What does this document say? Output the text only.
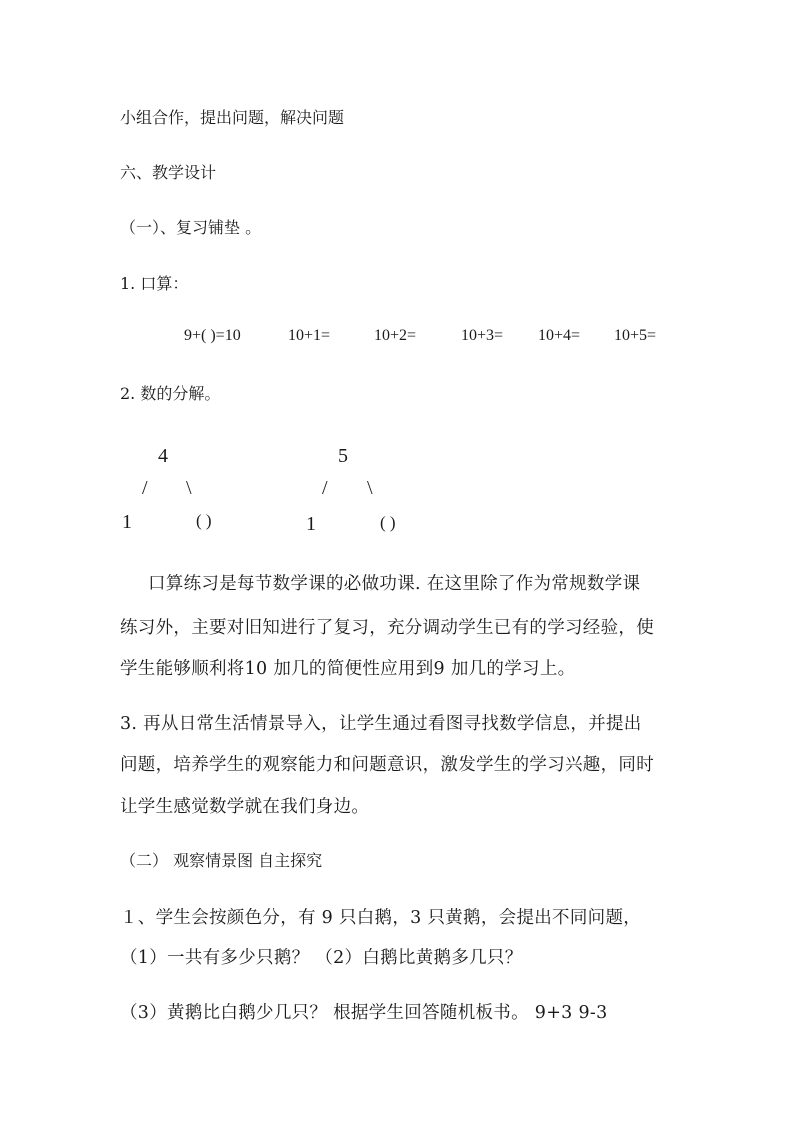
小组合作，提出问题，解决问题
六、教学设计
（一）、复习铺垫 。
1. 口算：
9+( )=10	10+1=	10+2=	10+3= 10+4= 10+5=
2. 数的分解。
4
/ \
1	( )
5
/ \
1	( )
口算练习是每节数学课的必做功课. 在这里除了作为常规数学课
练习外，主要对旧知进行了复习，充分调动学生已有的学习经验，使
学生能够顺利将10 加几的简便性应用到9 加几的学习上。
3. 再从日常生活情景导入，让学生通过看图寻找数学信息，并提出
问题，培养学生的观察能力和问题意识，激发学生的学习兴趣，同时
让学生感觉数学就在我们身边。
（二） 观察情景图 自主探究
１、学生会按颜色分，有 9 只白鹅，3 只黄鹅，会提出不同问题，
（1）一共有多少只鹅？ （2）白鹅比黄鹅多几只？
（3）黄鹅比白鹅少几只？ 根据学生回答随机板书。 9+3 9-3
